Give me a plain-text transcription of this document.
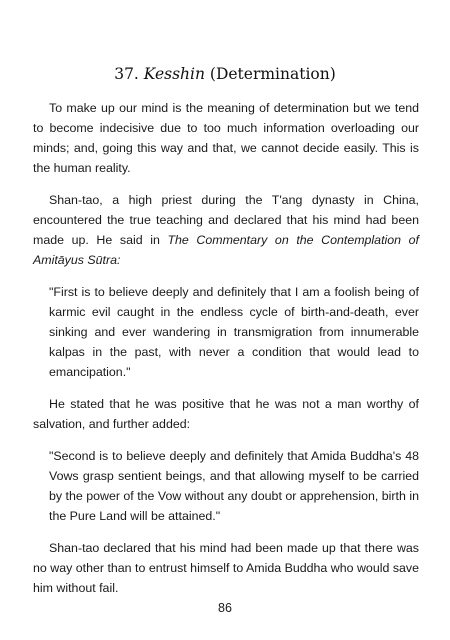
37. Kesshin (Determination)

To make up our mind is the meaning of determination but we tend to become indecisive due to too much information overloading our minds; and, going this way and that, we cannot decide easily. This is the human reality.

Shan-tao, a high priest during the T'ang dynasty in China, encountered the true teaching and declared that his mind had been made up. He said in The Commentary on the Contemplation of Amitāyus Sūtra:

"First is to believe deeply and definitely that I am a foolish being of karmic evil caught in the endless cycle of birth-and-death, ever sinking and ever wandering in transmigration from innumerable kalpas in the past, with never a condition that would lead to emancipation."

He stated that he was positive that he was not a man worthy of salvation, and further added:

"Second is to believe deeply and definitely that Amida Buddha's 48 Vows grasp sentient beings, and that allowing myself to be carried by the power of the Vow without any doubt or apprehension, birth in the Pure Land will be attained."

Shan-tao declared that his mind had been made up that there was no way other than to entrust himself to Amida Buddha who would save him without fail.

86
